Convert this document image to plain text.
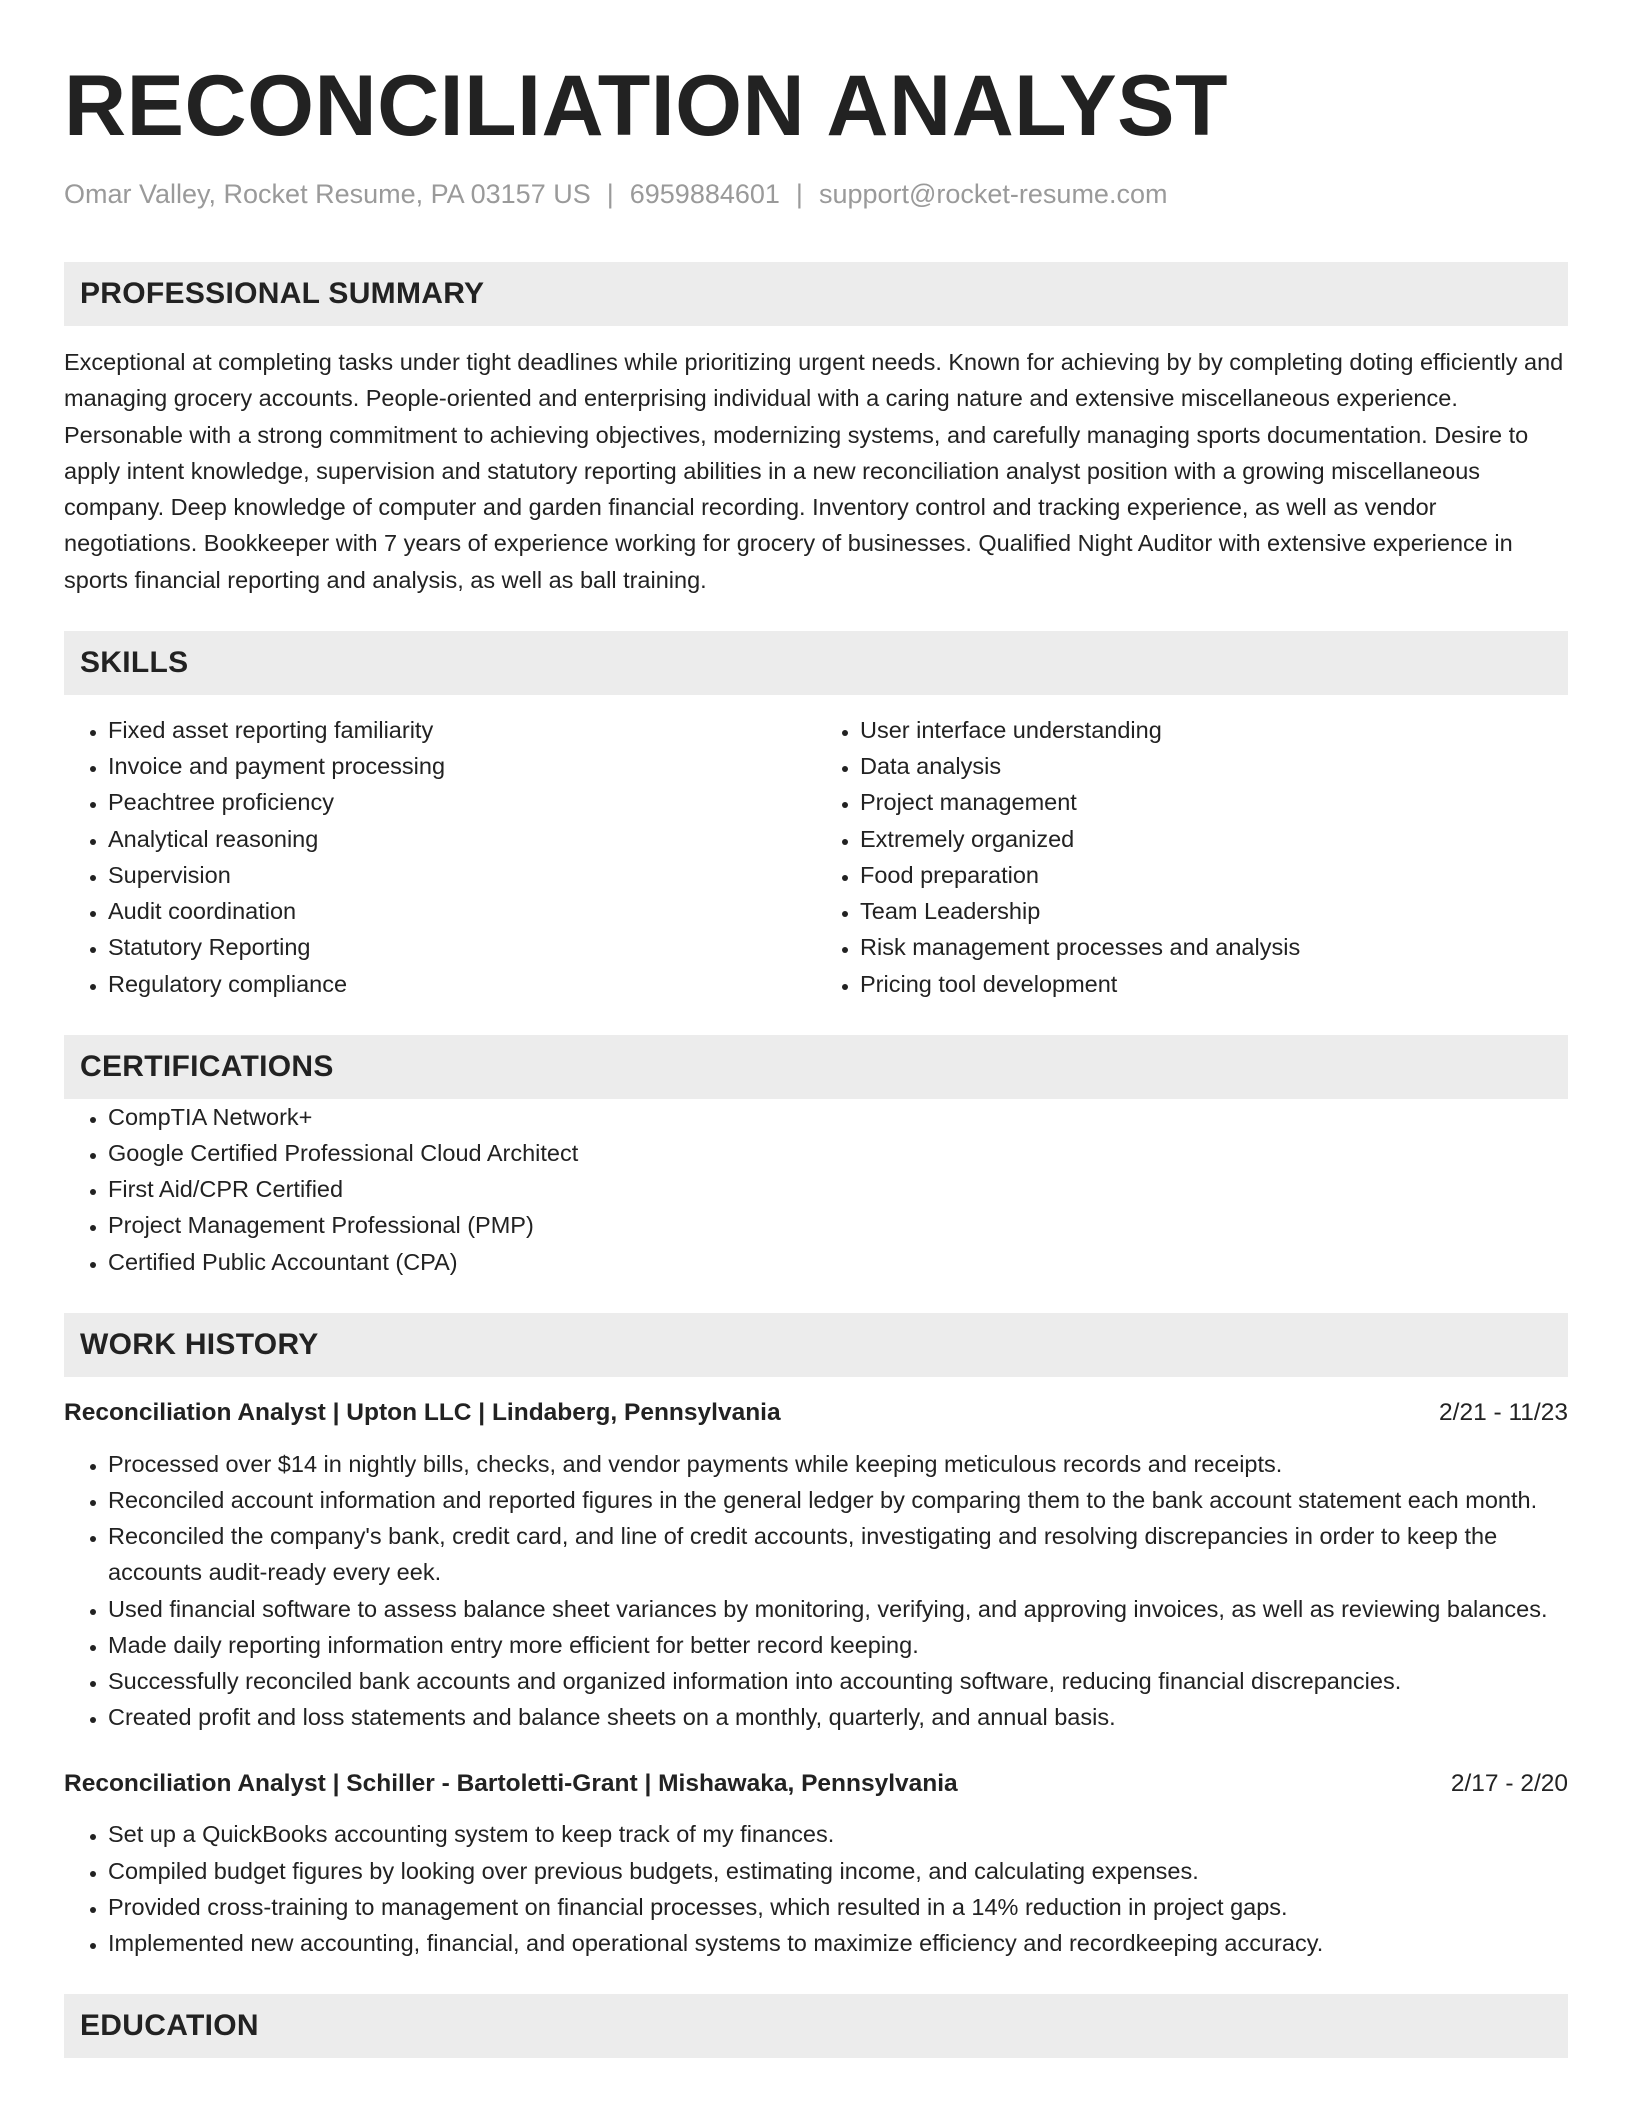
RECONCILIATION ANALYST
Omar Valley, Rocket Resume, PA 03157 US | 6959884601 | support@rocket-resume.com
PROFESSIONAL SUMMARY

Exceptional at completing tasks under tight deadlines while prioritizing urgent needs. Known for achieving by by completing doting efficiently and managing grocery accounts. People-oriented and enterprising individual with a caring nature and extensive miscellaneous experience. Personable with a strong commitment to achieving objectives, modernizing systems, and carefully managing sports documentation. Desire to apply intent knowledge, supervision and statutory reporting abilities in a new reconciliation analyst position with a growing miscellaneous company. Deep knowledge of computer and garden financial recording. Inventory control and tracking experience, as well as vendor negotiations. Bookkeeper with 7 years of experience working for grocery of businesses. Qualified Night Auditor with extensive experience in sports financial reporting and analysis, as well as ball training.

SKILLS
• Fixed asset reporting familiarity
• Invoice and payment processing
• Peachtree proficiency
• Analytical reasoning
• Supervision
• Audit coordination
• Statutory Reporting
• Regulatory compliance
• User interface understanding
• Data analysis
• Project management
• Extremely organized
• Food preparation
• Team Leadership
• Risk management processes and analysis
• Pricing tool development
CERTIFICATIONS
• CompTIA Network+
• Google Certified Professional Cloud Architect
• First Aid/CPR Certified
• Project Management Professional (PMP)
• Certified Public Accountant (CPA)
WORK HISTORY
Reconciliation Analyst | Upton LLC | Lindaberg, Pennsylvania	2/21 - 11/23
• Processed over $14 in nightly bills, checks, and vendor payments while keeping meticulous records and receipts.
• Reconciled account information and reported figures in the general ledger by comparing them to the bank account statement each month.
• Reconciled the company's bank, credit card, and line of credit accounts, investigating and resolving discrepancies in order to keep the accounts audit-ready every eek.
• Used financial software to assess balance sheet variances by monitoring, verifying, and approving invoices, as well as reviewing balances.
• Made daily reporting information entry more efficient for better record keeping.
• Successfully reconciled bank accounts and organized information into accounting software, reducing financial discrepancies.
• Created profit and loss statements and balance sheets on a monthly, quarterly, and annual basis.
Reconciliation Analyst | Schiller - Bartoletti-Grant | Mishawaka, Pennsylvania	2/17 - 2/20
• Set up a QuickBooks accounting system to keep track of my finances.
• Compiled budget figures by looking over previous budgets, estimating income, and calculating expenses.
• Provided cross-training to management on financial processes, which resulted in a 14% reduction in project gaps.
• Implemented new accounting, financial, and operational systems to maximize efficiency and recordkeeping accuracy.
EDUCATION
